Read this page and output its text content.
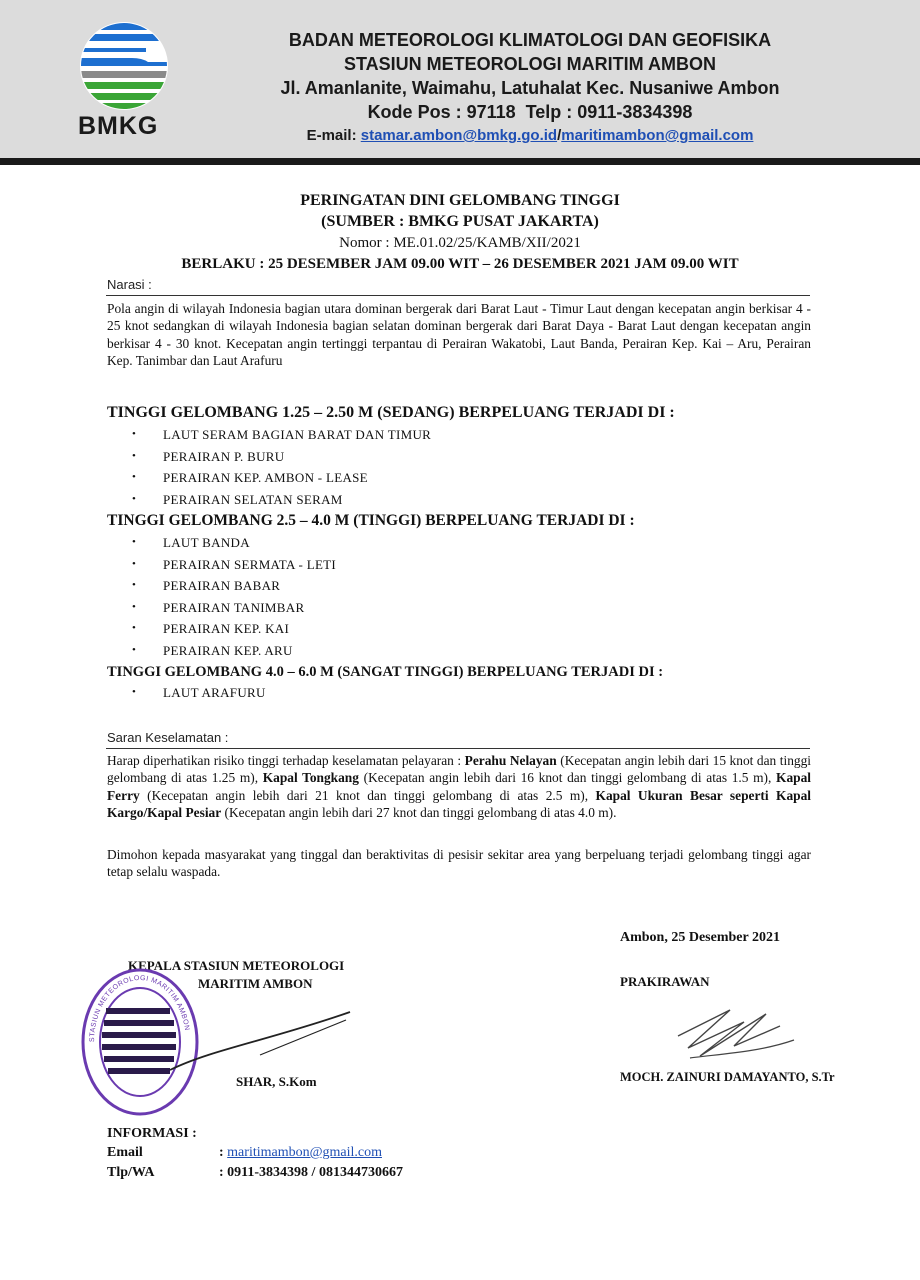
BMKG
BADAN METEOROLOGI KLIMATOLOGI DAN GEOFISIKA
STASIUN METEOROLOGI MARITIM AMBON
Jl. Amanlanite, Waimahu, Latuhalat Kec. Nusaniwe Ambon
Kode Pos : 97118  Telp : 0911-3834398
E-mail: stamar.ambon@bmkg.go.id/maritimambon@gmail.com
PERINGATAN DINI GELOMBANG TINGGI
(SUMBER : BMKG PUSAT JAKARTA)
Nomor : ME.01.02/25/KAMB/XII/2021
BERLAKU : 25 DESEMBER JAM 09.00 WIT – 26 DESEMBER 2021 JAM 09.00 WIT
Narasi :
Pola angin di wilayah Indonesia bagian utara dominan bergerak dari Barat Laut - Timur Laut dengan kecepatan angin berkisar 4 - 25 knot sedangkan di wilayah Indonesia bagian selatan dominan bergerak dari Barat Daya - Barat Laut dengan kecepatan angin berkisar 4 - 30 knot. Kecepatan angin tertinggi terpantau di Perairan Wakatobi, Laut Banda, Perairan Kep. Kai – Aru, Perairan Kep. Tanimbar dan Laut Arafuru
TINGGI GELOMBANG 1.25 – 2.50 M (SEDANG) BERPELUANG TERJADI DI :
• LAUT SERAM BAGIAN BARAT DAN TIMUR
• PERAIRAN P. BURU
• PERAIRAN KEP. AMBON - LEASE
• PERAIRAN SELATAN SERAM
TINGGI GELOMBANG 2.5 – 4.0 M (TINGGI) BERPELUANG TERJADI DI :
• LAUT BANDA
• PERAIRAN SERMATA - LETI
• PERAIRAN BABAR
• PERAIRAN TANIMBAR
• PERAIRAN KEP. KAI
• PERAIRAN KEP. ARU
TINGGI GELOMBANG 4.0 – 6.0 M (SANGAT TINGGI) BERPELUANG TERJADI DI :
• LAUT ARAFURU
Saran Keselamatan :
Harap diperhatikan risiko tinggi terhadap keselamatan pelayaran : Perahu Nelayan (Kecepatan angin lebih dari 15 knot dan tinggi gelombang di atas 1.25 m), Kapal Tongkang (Kecepatan angin lebih dari 16 knot dan tinggi gelombang di atas 1.5 m), Kapal Ferry (Kecepatan angin lebih dari 21 knot dan tinggi gelombang di atas 2.5 m), Kapal Ukuran Besar seperti Kapal Kargo/Kapal Pesiar (Kecepatan angin lebih dari 27 knot dan tinggi gelombang di atas 4.0 m).
Dimohon kepada masyarakat yang tinggal dan beraktivitas di pesisir sekitar area yang berpeluang terjadi gelombang tinggi agar tetap selalu waspada.
Ambon, 25 Desember 2021
KEPALA STASIUN METEOROLOGI
MARITIM AMBON
STASIUN METEOROLOGI MARITIM AMBON
SHAR, S.Kom
PRAKIRAWAN
MOCH. ZAINURI DAMAYANTO, S.Tr
INFORMASI :
Email	: maritimambon@gmail.com
Tlp/WA	: 0911-3834398 / 081344730667
